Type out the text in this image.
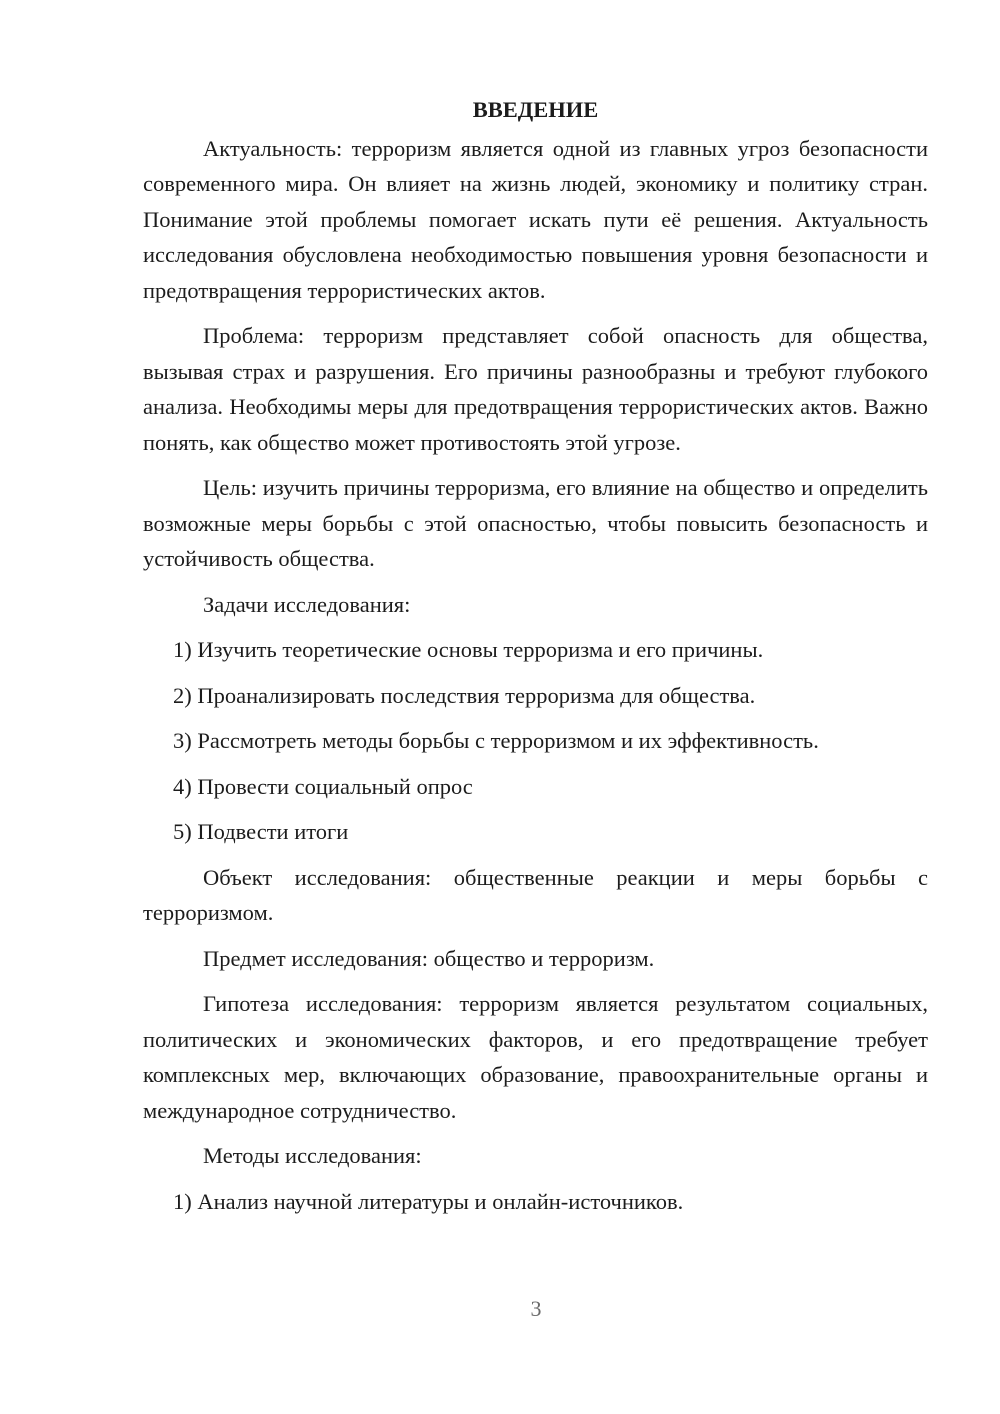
ВВЕДЕНИЕ

Актуальность: терроризм является одной из главных угроз безопасности современного мира. Он влияет на жизнь людей, экономику и политику стран. Понимание этой проблемы помогает искать пути её решения. Актуальность исследования обусловлена необходимостью повышения уровня безопасности и предотвращения террористических актов.

Проблема: терроризм представляет собой опасность для общества, вызывая страх и разрушения. Его причины разнообразны и требуют глубокого анализа. Необходимы меры для предотвращения террористических актов. Важно понять, как общество может противостоять этой угрозе.

Цель: изучить причины терроризма, его влияние на общество и определить возможные меры борьбы с этой опасностью, чтобы повысить безопасность и устойчивость общества.

Задачи исследования:

1) Изучить теоретические основы терроризма и его причины.

2) Проанализировать последствия терроризма для общества.

3) Рассмотреть методы борьбы с терроризмом и их эффективность.

4) Провести социальный опрос

5) Подвести итоги

Объект исследования: общественные реакции и меры борьбы с терроризмом.

Предмет исследования: общество и терроризм.

Гипотеза исследования: терроризм является результатом социальных, политических и экономических факторов, и его предотвращение требует комплексных мер, включающих образование, правоохранительные органы и международное сотрудничество.

Методы исследования:

1) Анализ научной литературы и онлайн-источников.

3
